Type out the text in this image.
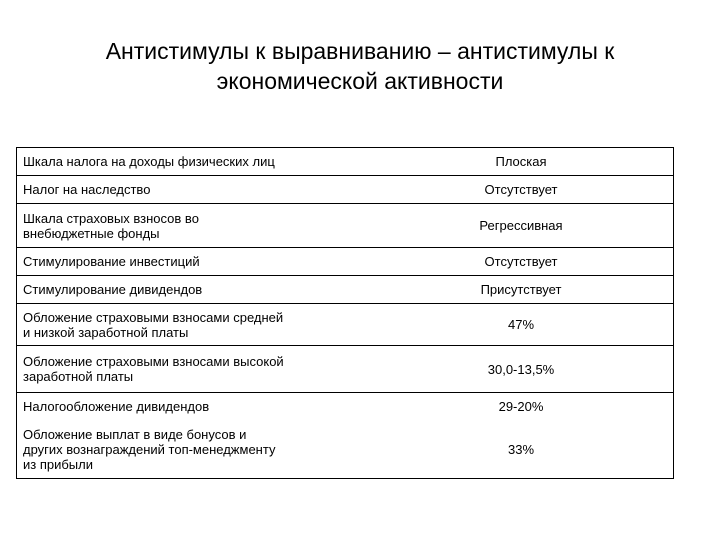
Антистимулы к выравниванию – антистимулы к
экономической активности
Шкала налога на доходы физических лиц	Плоская
Налог на наследство	Отсутствует
Шкала страховых взносов во
внебюджетные фонды	Регрессивная
Стимулирование инвестиций	Отсутствует
Стимулирование дивидендов	Присутствует
Обложение страховыми взносами средней
и низкой заработной платы	47%
Обложение страховыми взносами высокой
заработной платы	30,0-13,5%
Налогообложение дивидендов	29-20%
Обложение выплат в виде бонусов и
других вознаграждений топ-менеджменту
из прибыли	33%
